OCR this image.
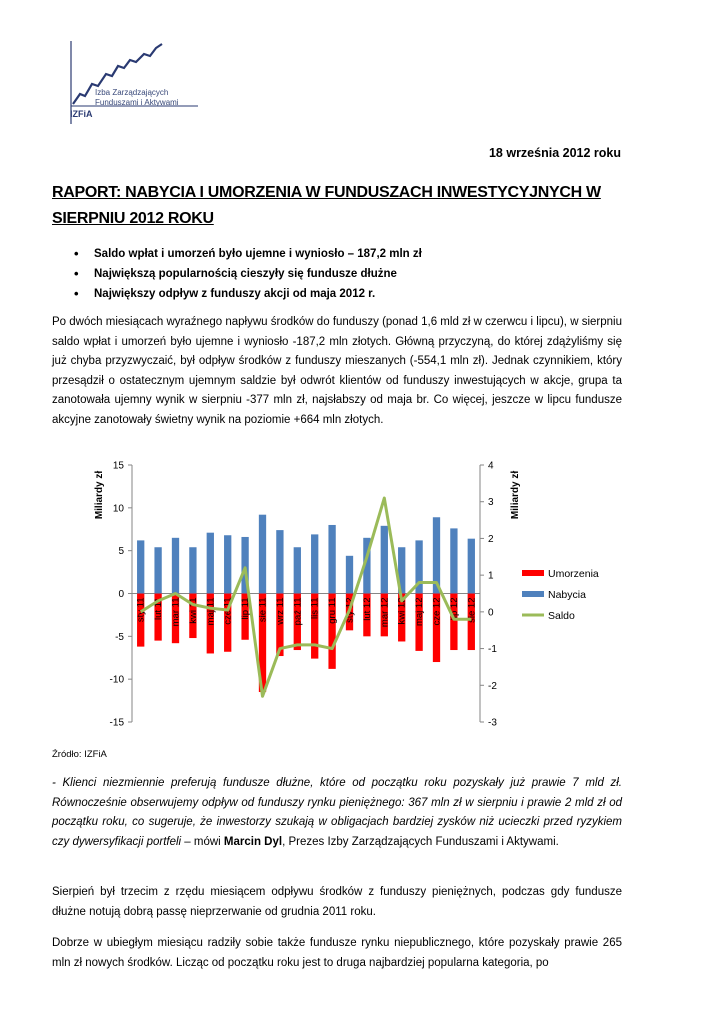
Izba Zarządzających
Funduszami i Aktywami
IZFiA
18 września 2012 roku
RAPORT: NABYCIA I UMORZENIA W FUNDUSZACH INWESTYCYJNYCH W SIERPNIU 2012 ROKU
• Saldo wpłat i umorzeń było ujemne i wyniosło – 187,2 mln zł
• Największą popularnością cieszyły się fundusze dłużne
• Największy odpływ z funduszy akcji od maja 2012 r.

Po dwóch miesiącach wyraźnego napływu środków do funduszy (ponad 1,6 mld zł w czerwcu i lipcu), w sierpniu saldo wpłat i umorzeń było ujemne i wyniosło -187,2 mln złotych. Główną przyczyną, do której zdążyliśmy się już chyba przyzwyczaić, był odpływ środków z funduszy mieszanych (-554,1 mln zł). Jednak czynnikiem, który przesądził o ostatecznym ujemnym saldzie był odwrót klientów od funduszy inwestujących w akcje, grupa ta zanotowała ujemny wynik w sierpniu -377 mln zł, najsłabszy od maja br. Co więcej, jeszcze w lipcu fundusze akcyjne zanotowały świetny wynik na poziomie +664 mln złotych.

15
10
5
0
-5
-10
-15
4
3
2
1
0
-1
-2
-3
Miliardy zł	Miliardy zł
sty 11 lut 11 mar 11 kwi 11 maj 11 cze 11 lip 11 sie 11 wrz 11 paź 11 lis 11 gru 11 sty 12 lut 12 mar 12 kwi 12 maj 12 cze 12 lip 12 sie 12
Umorzenia
Nabycia
Saldo
Źródło: IZFiA

- Klienci niezmiennie preferują fundusze dłużne, które od początku roku pozyskały już prawie 7 mld zł. Równocześnie obserwujemy odpływ od funduszy rynku pieniężnego: 367 mln zł w sierpniu i prawie 2 mld zł od początku roku, co sugeruje, że inwestorzy szukają w obligacjach bardziej zysków niż ucieczki przed ryzykiem czy dywersyfikacji portfeli – mówi Marcin Dyl, Prezes Izby Zarządzających Funduszami i Aktywami.

Sierpień był trzecim z rzędu miesiącem odpływu środków z funduszy pieniężnych, podczas gdy fundusze dłużne notują dobrą passę nieprzerwanie od grudnia 2011 roku.

Dobrze w ubiegłym miesiącu radziły sobie także fundusze rynku niepublicznego, które pozyskały prawie 265 mln zł nowych środków. Licząc od początku roku jest to druga najbardziej popularna kategoria, po
